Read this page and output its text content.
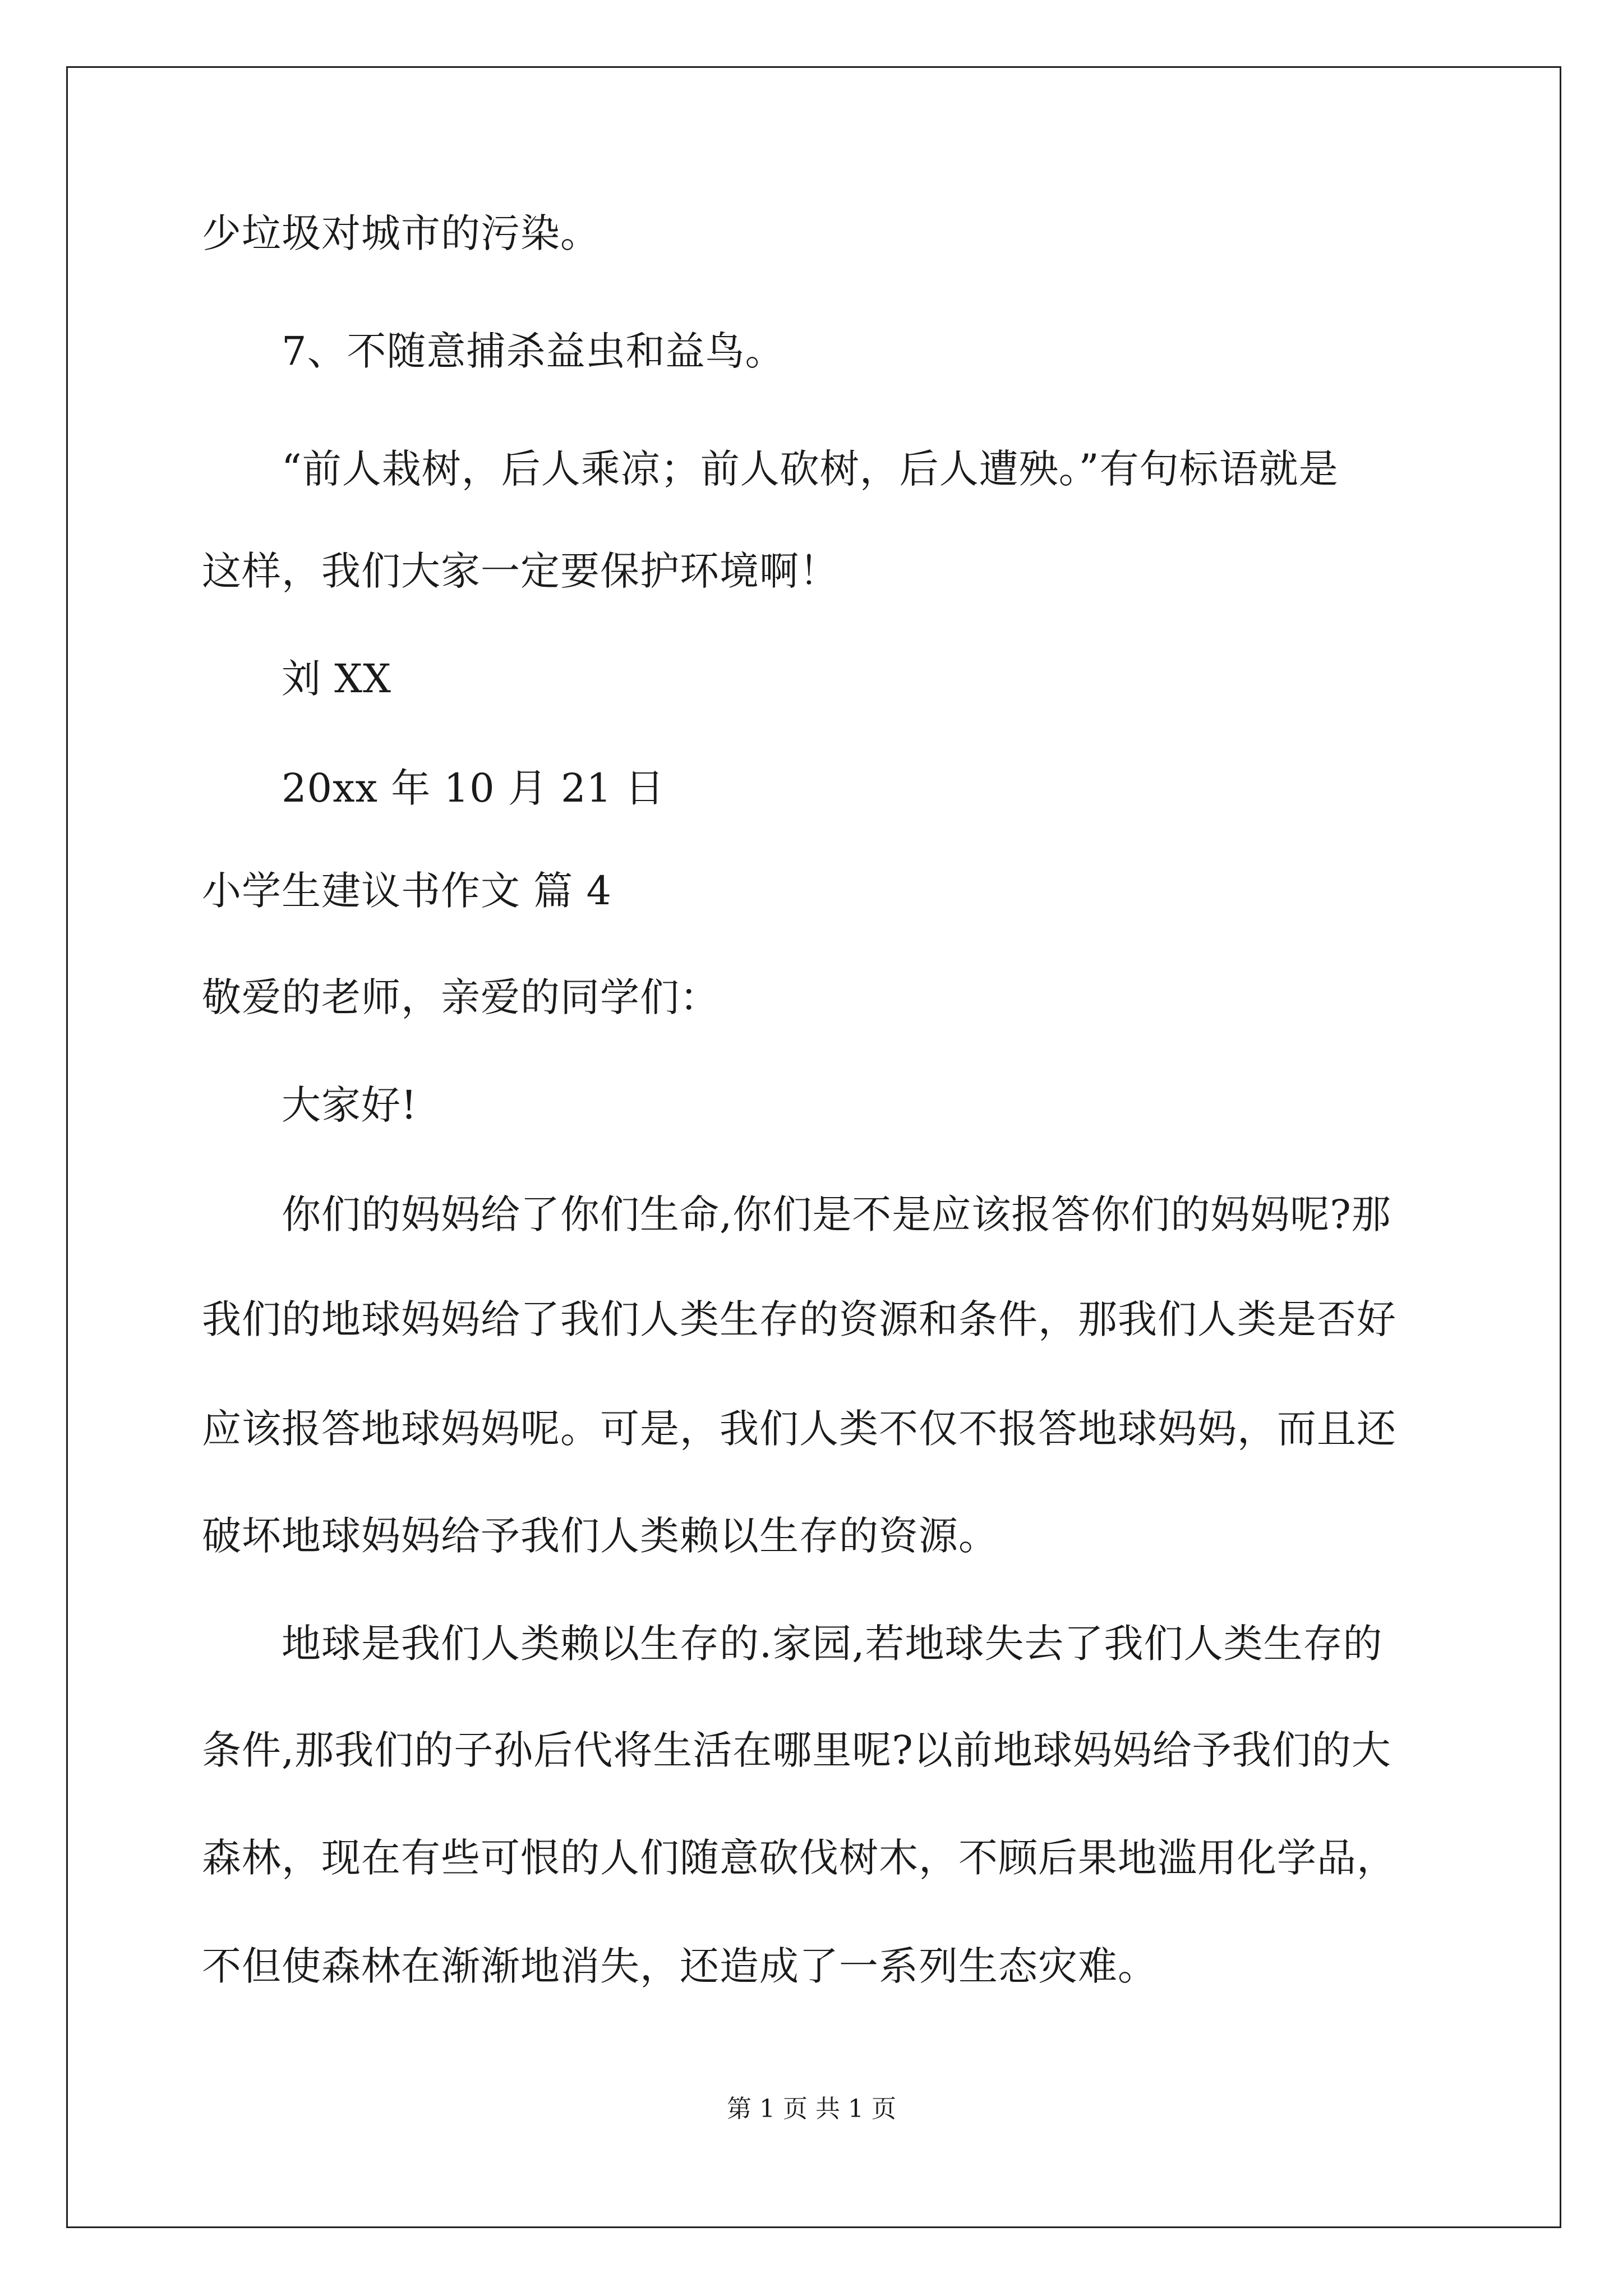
少垃圾对城市的污染。
7、不随意捕杀益虫和益鸟。
“前人栽树，后人乘凉；前人砍树，后人遭殃。”有句标语就是
这样，我们大家一定要保护环境啊！
刘 XX
20xx 年 10 月 21 日
小学生建议书作文 篇 4
敬爱的老师，亲爱的同学们：
大家好!
你们的妈妈给了你们生命,你们是不是应该报答你们的妈妈呢?那
我们的地球妈妈给了我们人类生存的资源和条件，那我们人类是否好
应该报答地球妈妈呢。可是，我们人类不仅不报答地球妈妈，而且还
破坏地球妈妈给予我们人类赖以生存的资源。
地球是我们人类赖以生存的.家园,若地球失去了我们人类生存的
条件,那我们的子孙后代将生活在哪里呢?以前地球妈妈给予我们的大
森林，现在有些可恨的人们随意砍伐树木，不顾后果地滥用化学品，
不但使森林在渐渐地消失，还造成了一系列生态灾难。
第 1 页 共 1 页
